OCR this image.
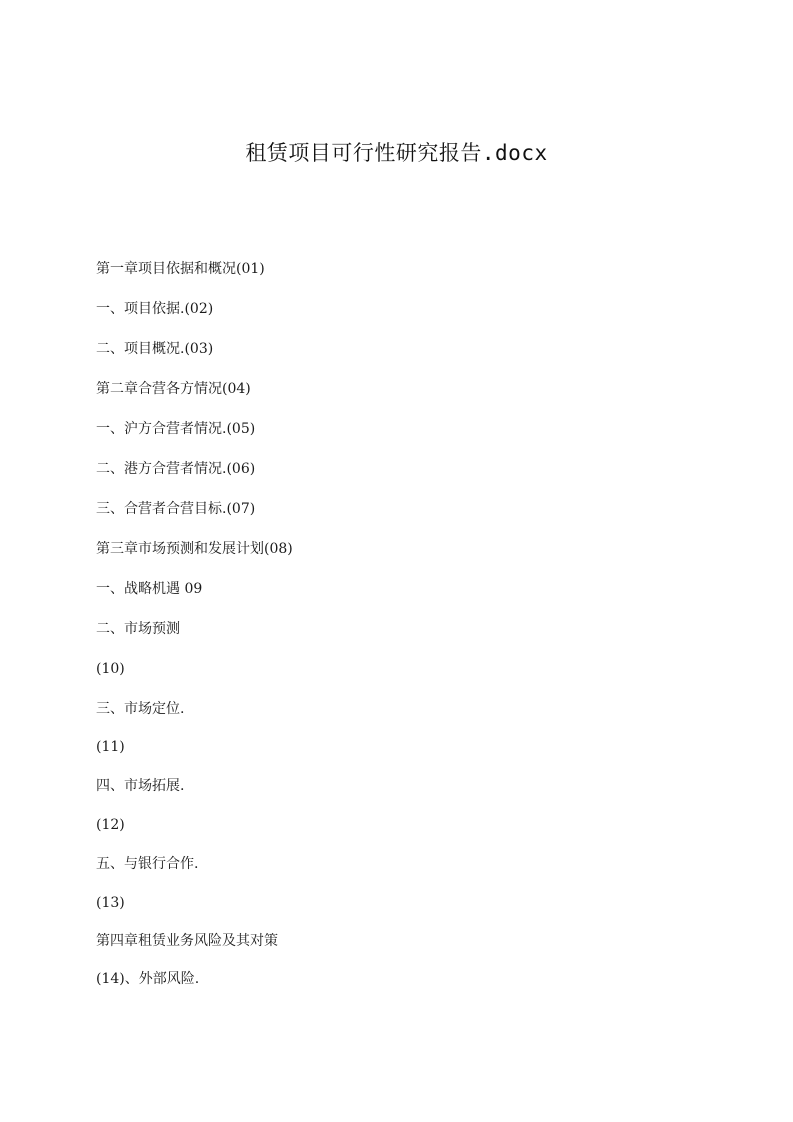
租赁项目可行性研究报告.docx

第一章项目依据和概况(01)

一、项目依据.(02)

二、项目概况.(03)

第二章合营各方情况(04)

一、沪方合营者情况.(05)

二、港方合营者情况.(06)

三、合营者合营目标.(07)

第三章市场预测和发展计划(08)

一、战略机遇 09

二、市场预测

(10)

三、市场定位.

(11)

四、市场拓展.

(12)

五、与银行合作.

(13)

第四章租赁业务风险及其对策

(14)、外部风险.
